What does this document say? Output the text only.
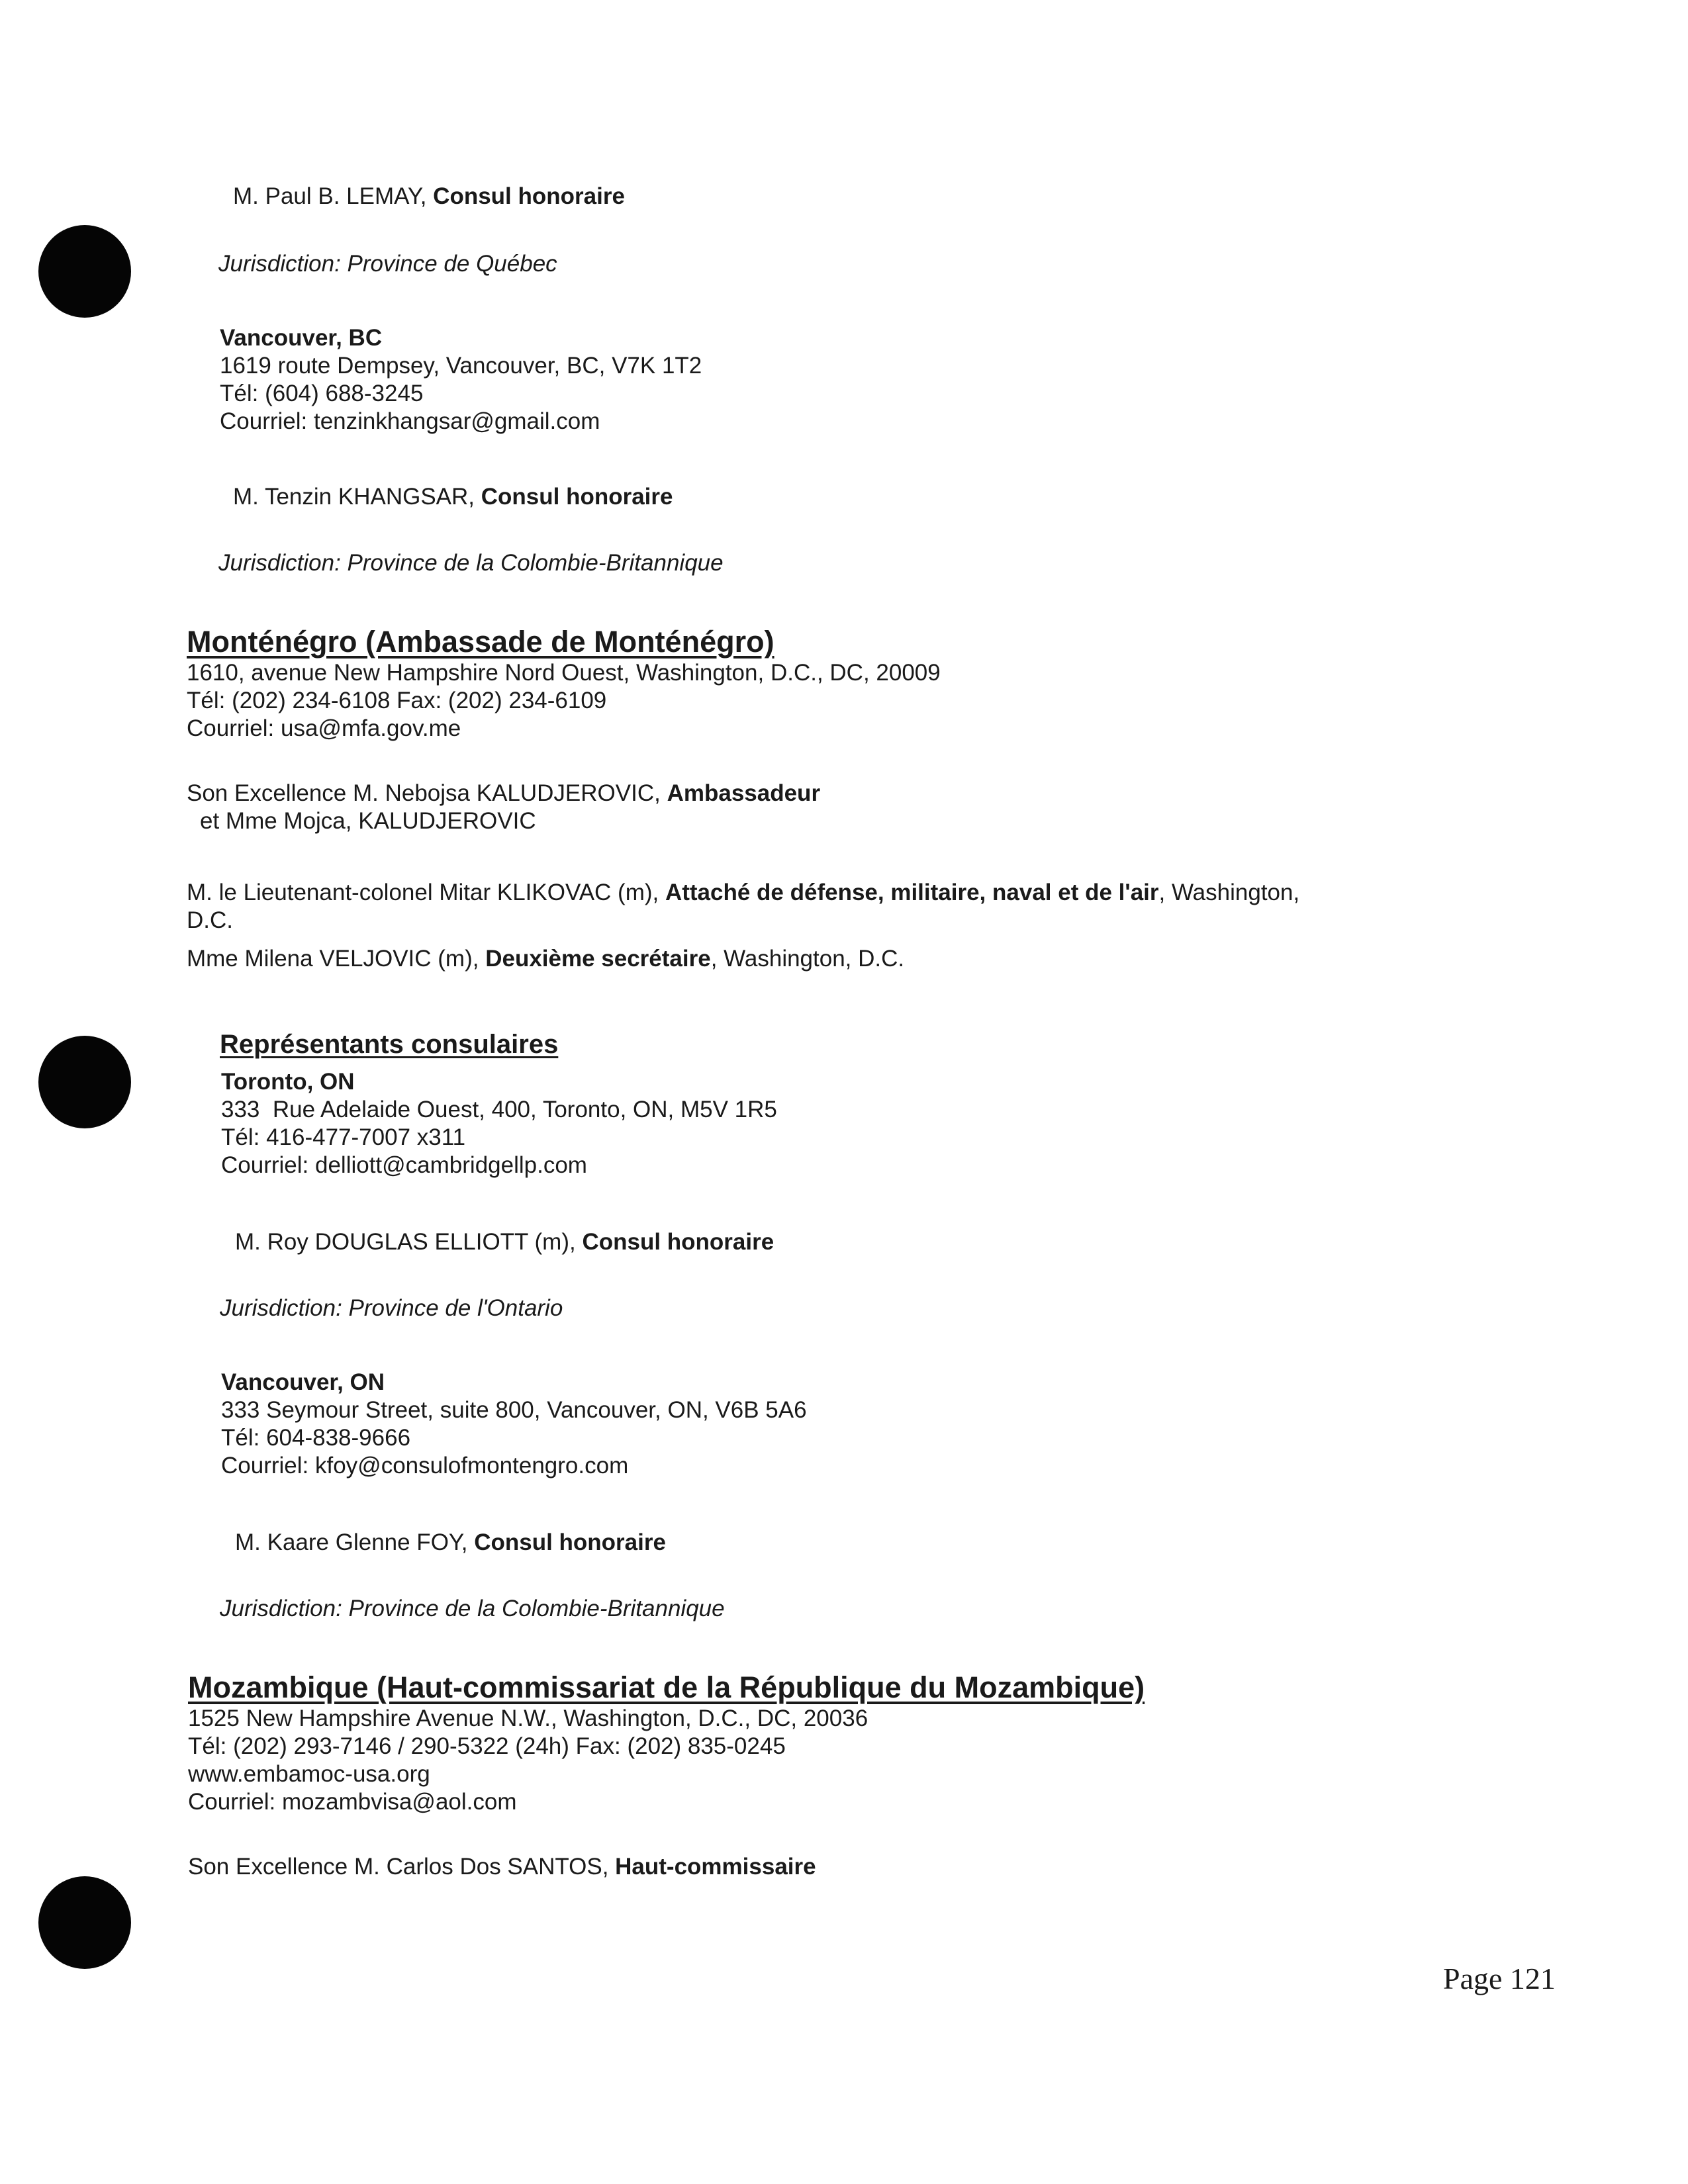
M. Paul B. LEMAY, Consul honoraire
Jurisdiction: Province de Québec
Vancouver, BC
1619 route Dempsey, Vancouver, BC, V7K 1T2
Tél: (604) 688-3245
Courriel: tenzinkhangsar@gmail.com
M. Tenzin KHANGSAR, Consul honoraire
Jurisdiction: Province de la Colombie-Britannique
Monténégro (Ambassade de Monténégro)
1610, avenue New Hampshire Nord Ouest, Washington, D.C., DC, 20009
Tél: (202) 234-6108 Fax: (202) 234-6109
Courriel: usa@mfa.gov.me
Son Excellence M. Nebojsa KALUDJEROVIC, Ambassadeur
et Mme Mojca, KALUDJEROVIC
M. le Lieutenant-colonel Mitar KLIKOVAC (m), Attaché de défense, militaire, naval et de l'air, Washington,
D.C.
Mme Milena VELJOVIC (m), Deuxième secrétaire, Washington, D.C.
Représentants consulaires
Toronto, ON
333  Rue Adelaide Ouest, 400, Toronto, ON, M5V 1R5
Tél: 416-477-7007 x311
Courriel: delliott@cambridgellp.com
M. Roy DOUGLAS ELLIOTT (m), Consul honoraire
Jurisdiction: Province de l'Ontario
Vancouver, ON
333 Seymour Street, suite 800, Vancouver, ON, V6B 5A6
Tél: 604-838-9666
Courriel: kfoy@consulofmontengro.com
M. Kaare Glenne FOY, Consul honoraire
Jurisdiction: Province de la Colombie-Britannique
Mozambique (Haut-commissariat de la République du Mozambique)
1525 New Hampshire Avenue N.W., Washington, D.C., DC, 20036
Tél: (202) 293-7146 / 290-5322 (24h) Fax: (202) 835-0245
www.embamoc-usa.org
Courriel: mozambvisa@aol.com
Son Excellence M. Carlos Dos SANTOS, Haut-commissaire
Page 121
